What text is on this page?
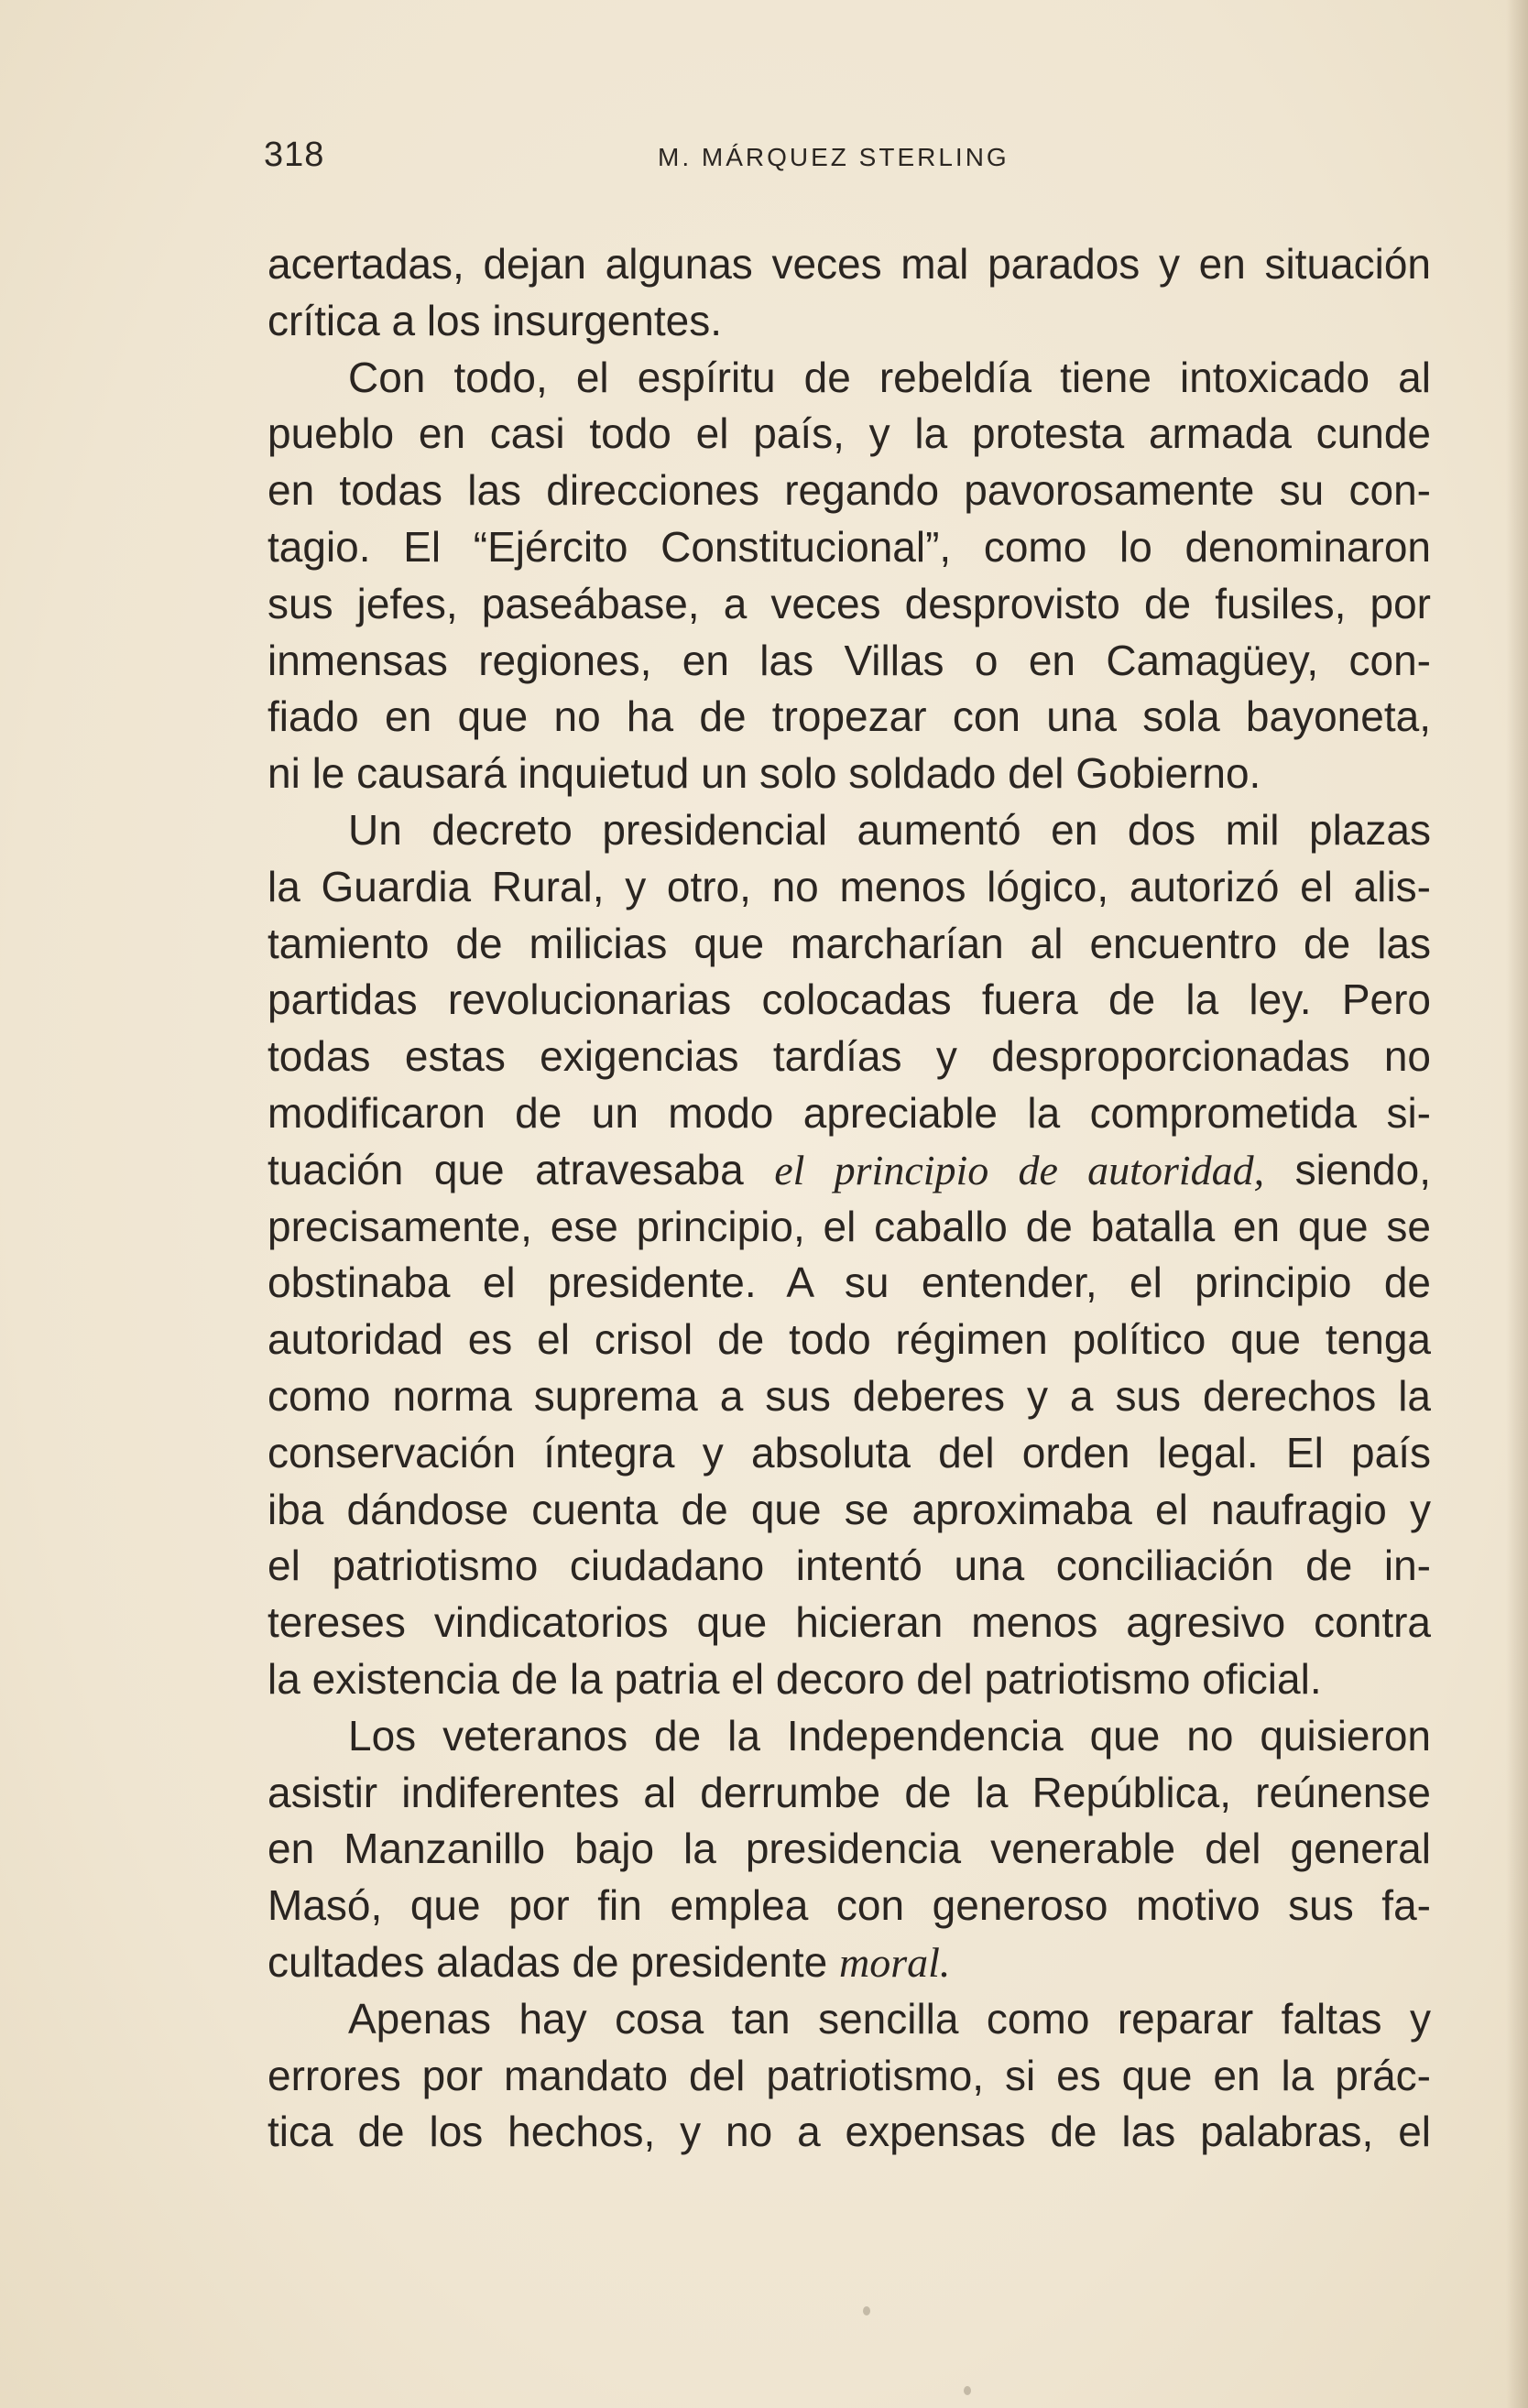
318	M. MÁRQUEZ STERLING
acertadas, dejan algunas veces mal parados y en situación
crítica a los insurgentes.
Con todo, el espíritu de rebeldía tiene intoxicado al
pueblo en casi todo el país, y la protesta armada cunde
en todas las direcciones regando pavorosamente su con-
tagio. El “Ejército Constitucional”, como lo denominaron
sus jefes, paseábase, a veces desprovisto de fusiles, por
inmensas regiones, en las Villas o en Camagüey, con-
fiado en que no ha de tropezar con una sola bayoneta,
ni le causará inquietud un solo soldado del Gobierno.
Un decreto presidencial aumentó en dos mil plazas
la Guardia Rural, y otro, no menos lógico, autorizó el alis-
tamiento de milicias que marcharían al encuentro de las
partidas revolucionarias colocadas fuera de la ley. Pero
todas estas exigencias tardías y desproporcionadas no
modificaron de un modo apreciable la comprometida si-
tuación que atravesaba el principio de autoridad, siendo,
precisamente, ese principio, el caballo de batalla en que se
obstinaba el presidente. A su entender, el principio de
autoridad es el crisol de todo régimen político que tenga
como norma suprema a sus deberes y a sus derechos la
conservación íntegra y absoluta del orden legal. El país
iba dándose cuenta de que se aproximaba el naufragio y
el patriotismo ciudadano intentó una conciliación de in-
tereses vindicatorios que hicieran menos agresivo contra
la existencia de la patria el decoro del patriotismo oficial.
Los veteranos de la Independencia que no quisieron
asistir indiferentes al derrumbe de la República, reúnense
en Manzanillo bajo la presidencia venerable del general
Masó, que por fin emplea con generoso motivo sus fa-
cultades aladas de presidente moral.
Apenas hay cosa tan sencilla como reparar faltas y
errores por mandato del patriotismo, si es que en la prác-
tica de los hechos, y no a expensas de las palabras, el
